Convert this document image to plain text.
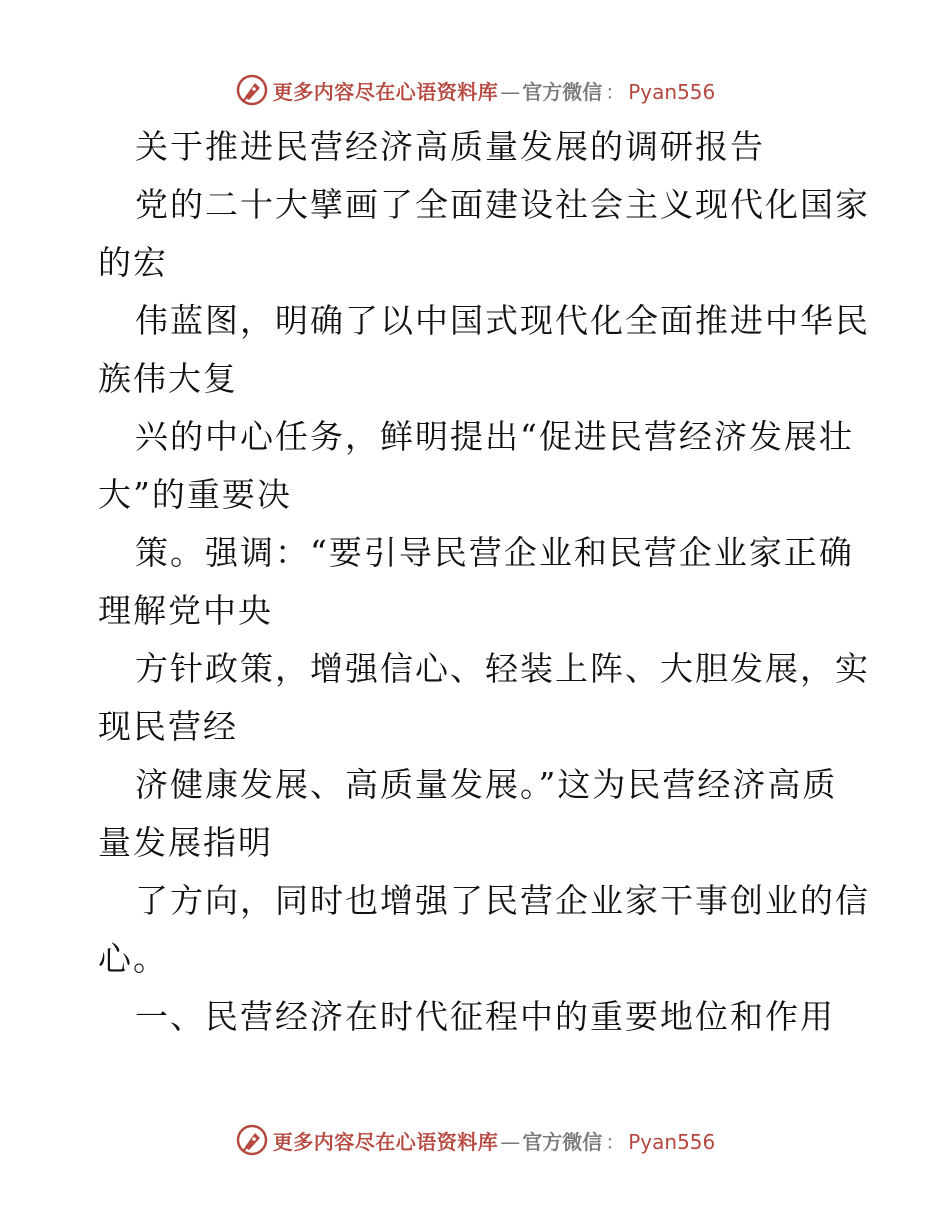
更多内容尽在心语资料库 — 官方微信 ： Pyan556
关于推进民营经济高质量发展的调研报告
党的二十大擘画了全面建设社会主义现代化国家
的宏
伟蓝图，明确了以中国式现代化全面推进中华民
族伟大复
兴的中心任务，鲜明提出“促进民营经济发展壮
大”的重要决
策。强调：“要引导民营企业和民营企业家正确
理解党中央
方针政策，增强信心、轻装上阵、大胆发展，实
现民营经
济健康发展、高质量发展。”这为民营经济高质
量发展指明
了方向，同时也增强了民营企业家干事创业的信
心。
一、民营经济在时代征程中的重要地位和作用
更多内容尽在心语资料库 — 官方微信 ： Pyan556
